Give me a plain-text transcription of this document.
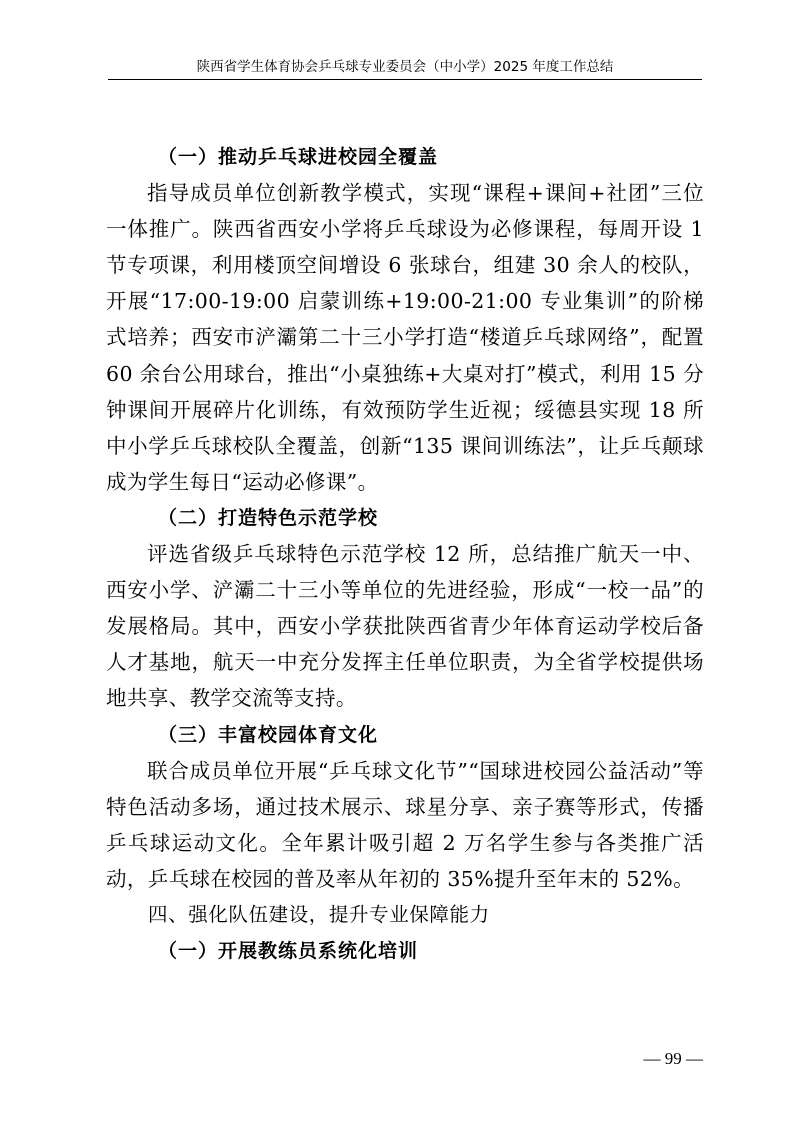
陕西省学生体育协会乒乓球专业委员会（中小学）2025 年度工作总结
（一）推动乒乓球进校园全覆盖

指导成员单位创新教学模式，实现“课程+课间+社团”三位一体推广。陕西省西安小学将乒乓球设为必修课程，每周开设 1 节专项课，利用楼顶空间增设 6 张球台，组建 30 余人的校队，开展“17:00-19:00 启蒙训练+19:00-21:00 专业集训”的阶梯式培养；西安市浐灞第二十三小学打造“楼道乒乓球网络”，配置 60 余台公用球台，推出“小桌独练+大桌对打”模式，利用 15 分钟课间开展碎片化训练，有效预防学生近视；绥德县实现 18 所中小学乒乓球校队全覆盖，创新“135 课间训练法”，让乒乓颠球成为学生每日“运动必修课”。

（二）打造特色示范学校

评选省级乒乓球特色示范学校 12 所，总结推广航天一中、西安小学、浐灞二十三小等单位的先进经验，形成“一校一品”的发展格局。其中，西安小学获批陕西省青少年体育运动学校后备人才基地，航天一中充分发挥主任单位职责，为全省学校提供场地共享、教学交流等支持。

（三）丰富校园体育文化

联合成员单位开展“乒乓球文化节”“国球进校园公益活动”等特色活动多场，通过技术展示、球星分享、亲子赛等形式，传播乒乓球运动文化。全年累计吸引超 2 万名学生参与各类推广活动，乒乓球在校园的普及率从年初的 35%提升至年末的 52%。

四、强化队伍建设，提升专业保障能力
（一）开展教练员系统化培训
— 99 —
